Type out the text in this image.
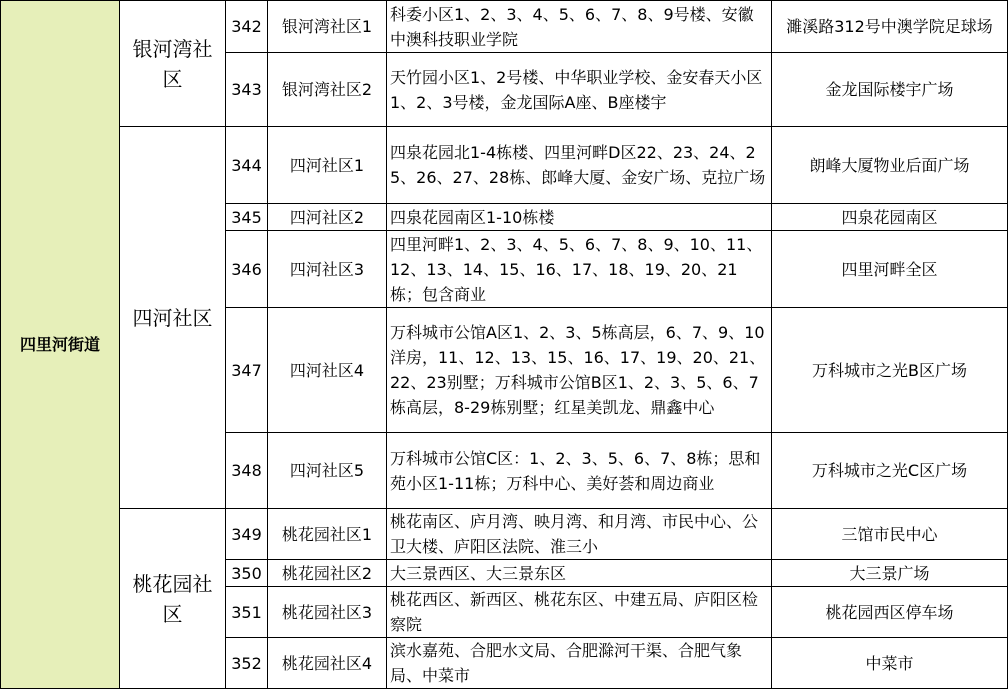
四里河街道	银河湾社区	342	银河湾社区1	科委小区1、2、3、4、5、6、7、8、9号楼、安徽中澳科技职业学院	濉溪路312号中澳学院足球场
		343	银河湾社区2	天竹园小区1、2号楼、中华职业学校、金安春天小区1、2、3号楼，金龙国际A座、B座楼宇	金龙国际楼宇广场
	四河社区	344	四河社区1	四泉花园北1-4栋楼、四里河畔D区22、23、24、25、26、27、28栋、郎峰大厦、金安广场、克拉广场	朗峰大厦物业后面广场
		345	四河社区2	四泉花园南区1-10栋楼	四泉花园南区
		346	四河社区3	四里河畔1、2、3、4、5、6、7、8、9、10、11、12、13、14、15、16、17、18、19、20、21栋；包含商业	四里河畔全区
		347	四河社区4	万科城市公馆A区1、2、3、5栋高层，6、7、9、10洋房，11、12、13、15、16、17、19、20、21、22、23别墅；万科城市公馆B区1、2、3、5、6、7栋高层，8-29栋别墅；红星美凯龙、鼎鑫中心	万科城市之光B区广场
		348	四河社区5	万科城市公馆C区：1、2、3、5、6、7、8栋；思和苑小区1-11栋；万科中心、美好荟和周边商业	万科城市之光C区广场
	桃花园社区	349	桃花园社区1	桃花南区、庐月湾、映月湾、和月湾、市民中心、公卫大楼、庐阳区法院、淮三小	三馆市民中心
		350	桃花园社区2	大三景西区、大三景东区	大三景广场
		351	桃花园社区3	桃花西区、新西区、桃花东区、中建五局、庐阳区检察院	桃花园西区停车场
		352	桃花园社区4	滨水嘉苑、合肥水文局、合肥滁河干渠、合肥气象局、中菜市	中菜市
